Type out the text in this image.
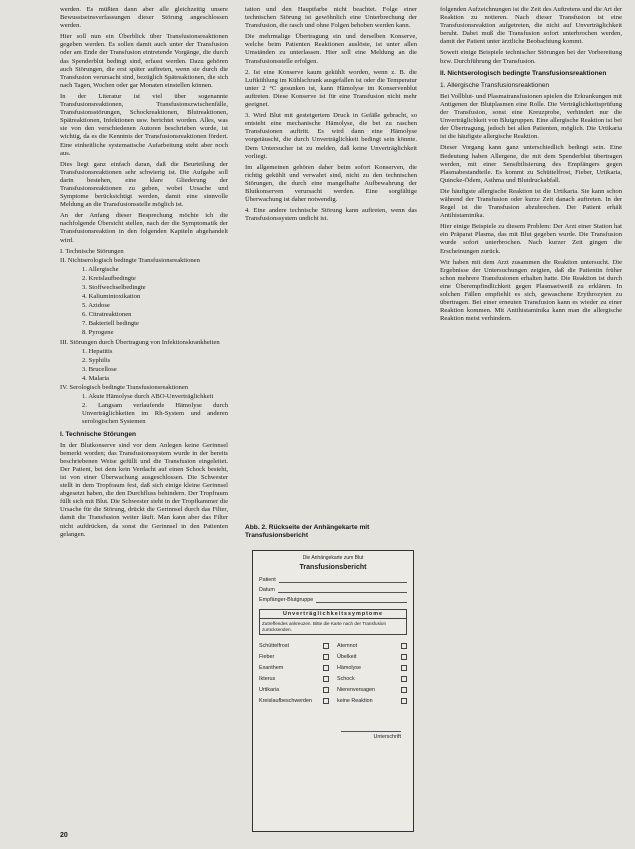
werden. Es müßten dann aber alle gleichzeitig unsere Bewusstseinsverfassungen dieser Störung angeschlossen werden.

Hier soll nun ein Überblick über Transfusionsreaktionen gegeben werden. Es sollen damit auch unter der Transfusion oder am Ende der Transfusion eintretende Vorgänge, die durch das Spenderblut bedingt sind, erfasst werden. Dazu gehören auch Störungen, die erst später auftreten, wenn sie durch die Transfusion verursacht sind, bezüglich Spätreaktionen, die sich nach Tagen, Wochen oder gar Monaten einstellen können.

In der Literatur ist viel über sogenannte Transfusionsreaktionen, Transfusionszwischenfälle, Transfusionsstörungen, Schockreaktionen, Blutreaktionen, Spätreaktionen, Infektionen usw. berichtet worden. Alles, was sie von den verschiedenen Autoren beschrieben wurde, ist wichtig, da es die Kenntnis der Transfusionsreaktionen fördert. Eine einheitliche systematische Aufarbeitung steht aber noch aus.

Dies liegt ganz einfach daran, daß die Beurteilung der Transfusionsreaktionen sehr schwierig ist. Die Aufgabe soll darin bestehen, eine klare Gliederung der Transfusionsreaktionen zu geben, wobei Ursache und Symptome berücksichtigt werden, damit eine sinnvolle Meldung an die Transfusionsstelle möglich ist.

An der Anfang dieser Besprechung möchte ich die nachfolgende Übersicht stellen, nach der die Symptomatik der Transfusionsreaktion in den folgenden Kapiteln abgehandelt wird.

I. Technische Störungen
II. Nichtserologisch bedingte Transfusionsreaktionen
1. Allergische
2. Kreislaufbedingte
3. Stoffwechselbedingte
4. Kaliumintoxikation
5. Azidose
6. Citratreaktionen
7. Bakteriell bedingte
8. Pyrogene
III. Störungen durch Übertragung von Infektionskrankheiten
1. Hepatitis
2. Syphilis
3. Brucellose
4. Malaria
IV. Serologisch bedingte Transfusionsreaktionen
1. Akute Hämolyse durch ABO-Unverträglichkeit
2. Langsam verlaufende Hämolyse durch Unverträglichkeiten im Rh-System und anderen serologischen Systemen
I. Technische Störungen

In der Blutkonserve sind vor dem Anlegen keine Gerinnsel bemerkt worden; das Transfusionssystem wurde in der bereits beschriebenen Weise gefüllt und die Transfusion eingeleitet. Der Patient, bei dem kein Verdacht auf einen Schock besteht, ist von einer Überwachung ausgeschlossen. Die Schwester stellt in dem Tropfraum fest, daß sich einige kleine Gerinnsel abgesetzt haben, die den Durchfluss behindern. Der Tropfraum füllt sich mit Blut. Die Schwester sieht in der Tropfkammer die Ursache für die Störung, drückt die Gerinnsel durch das Filter, damit die Transfusion weiter läuft. Man kann aber das Filter nicht aufdrücken, da sonst die Gerinnsel in den Patienten gelangen.

tation und den Hauptfarbe nicht beachtet. Folge einer technischen Störung ist gewöhnlich eine Unterbrechung der Transfusion, die rasch und ohne Folgen behoben werden kann.

Die mehrmalige Übertragung ein und derselben Konserve, welche beim Patienten Reaktionen auslöste, ist unter allen Umständen zu unterlassen. Hier soll eine Meldung an die Transfusionsstelle erfolgen.

2. Ist eine Konserve kaum gekühlt worden, wenn z. B. die Luftkühlung im Kühlschrank ausgefallen ist oder die Temperatur unter 2 °C gesunken ist, kann Hämolyse im Konservenblut auftreten. Diese Konserve ist für eine Transfusion nicht mehr geeignet.

3. Wird Blut mit gesteigertem Druck in Gefäße gebracht, so entsteht eine mechanische Hämolyse, die bei zu raschen Transfusionen auftritt. Es wird dann eine Hämolyse vorgetäuscht, die durch Unverträglichkeit bedingt sein könnte. Dem Untersucher ist zu melden, daß keine Unverträglichkeit vorliegt.

Im allgemeinen gehören daher beim sofort Konserven, die richtig gekühlt und verwahrt sind, nicht zu den technischen Störungen, die durch eine mangelhafte Aufbewahrung der Blutkonserven verursacht werden. Eine sorgfältige Überwachung ist daher notwendig.

4. Eine andere technische Störung kann auftreten, wenn das Transfusionssystem undicht ist.

Abb. 2. Rückseite der Anhängekarte mit Transfusionsbericht
Die Anhängekarte zum Blut
Transfusionsbericht
Patient
Datum
Empfänger-Blutgruppe
Unverträglichkeitssymptome
Zutreffendes ankreuzen. Bitte die Karte nach der Transfusion zurücksenden.
Schüttelfrost	Atemnot
Fieber	Übelkeit
Exanthem	Hämolyse
Ikterus	Schock
Urtikaria	Nierenversagen
Kreislaufbeschwerden	keine Reaktion

Unterschrift

folgenden Aufzeichnungen ist die Zeit des Auftretens und die Art der Reaktion zu notieren. Nach dieser Transfusion ist eine Transfusionsreaktion aufgetreten, die nicht auf Unverträglichkeit beruht. Dabei muß die Transfusion sofort unterbrochen werden, damit der Patient unter ärztliche Beobachtung kommt.

Soweit einige Beispiele technischer Störungen bei der Vorbereitung bzw. Durchführung der Transfusion.

II. Nichtserologisch bedingte Transfusionsreaktionen
1. Allergische Transfusionsreaktionen

Bei Vollblut- und Plasmatransfusionen spielen die Erkrankungen mit Antigenen der Blutplasmen eine Rolle. Die Verträglichkeitsprüfung der Transfusion, sonst eine Kreuzprobe, verhindert nur die Unverträglichkeit von Blutgruppen. Eine allergische Reaktion ist bei der Übertragung, jedoch bei allen Patienten, möglich. Die Urtikaria ist die häufigste allergische Reaktion.

Dieser Vorgang kann ganz unterschiedlich bedingt sein. Eine Bedeutung haben Allergene, die mit dem Spenderblut übertragen werden, mit einer Sensibilisierung des Empfängers gegen Plasmabestandteile. Es kommt zu Schüttelfrost, Fieber, Urtikaria, Quincke-Ödem, Asthma und Blutdruckabfall.

Die häufigste allergische Reaktion ist die Urtikaria. Sie kann schon während der Transfusion oder kurze Zeit danach auftreten. In der Regel ist die Transfusion abzubrechen. Der Patient erhält Antihistaminika.

Hier einige Beispiele zu diesem Problem: Der Arzt einer Station hat ein Präparat Plasma, das mit Blut gegeben wurde. Die Transfusion wurde sofort unterbrochen. Nach kurzer Zeit gingen die Erscheinungen zurück.

Wir haben mit dem Arzt zusammen die Reaktion untersucht. Die Ergebnisse der Untersuchungen zeigten, daß die Patientin früher schon mehrere Transfusionen erhalten hatte. Die Reaktion ist durch eine Überempfindlichkeit gegen Plasmaeiweiß zu erklären. In solchen Fällen empfiehlt es sich, gewaschene Erythrozyten zu übertragen. Bei einer erneuten Transfusion kann es wieder zu einer Reaktion kommen. Mit Antihistaminika kann man die allergische Reaktion meist verhindern.

20
